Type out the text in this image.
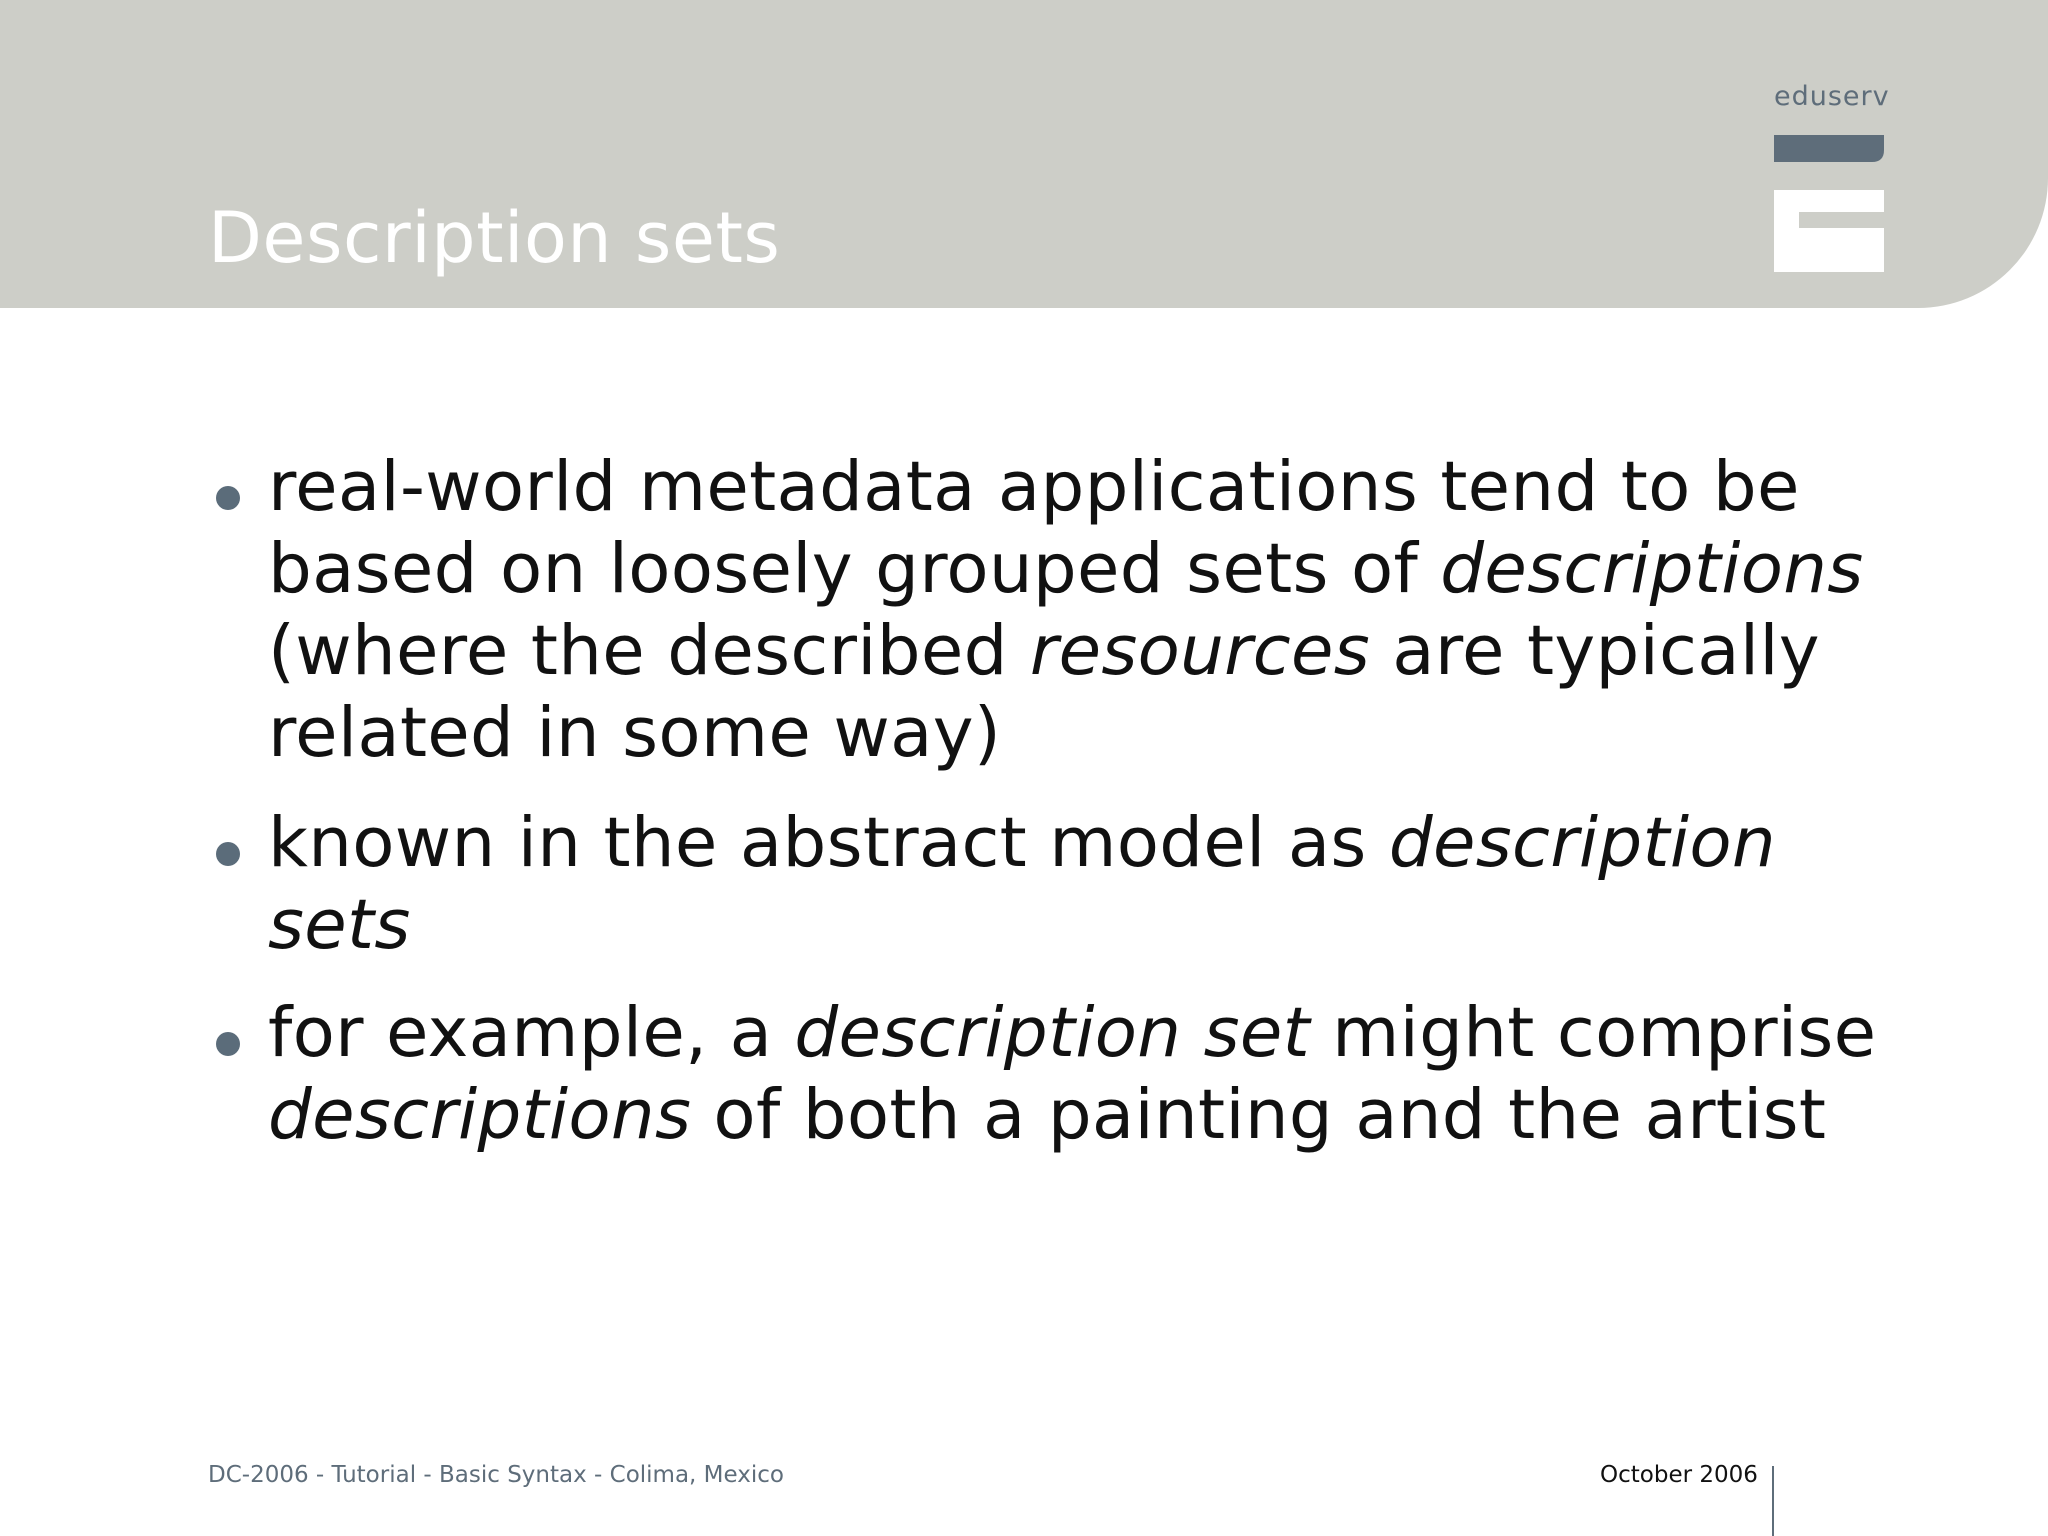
Description sets
eduserv
real-world metadata applications tend to be
based on loosely grouped sets of descriptions
(where the described resources are typically
related in some way)
known in the abstract model as description
sets
for example, a description set might comprise
descriptions of both a painting and the artist
DC-2006 - Tutorial - Basic Syntax - Colima, Mexico	October 2006
